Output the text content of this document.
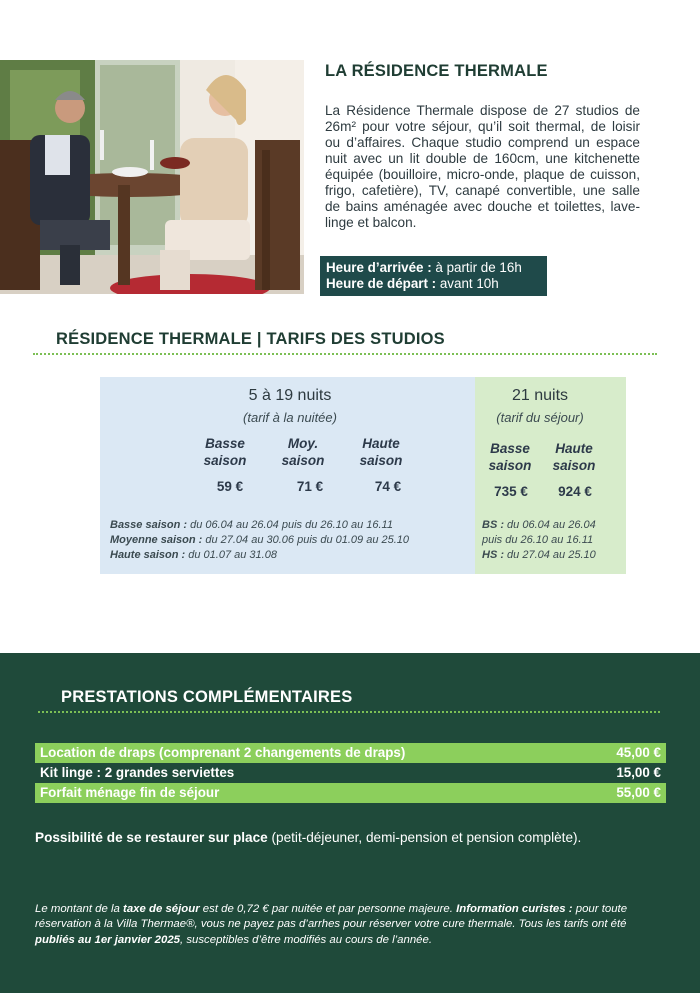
LA RÉSIDENCE THERMALE

La Résidence Thermale dispose de 27 studios de 26m² pour votre séjour, qu’il soit thermal, de loisir ou d’affaires. Chaque studio comprend un espace nuit avec un lit double de 160cm, une kitchenette équipée (bouilloire, micro-onde, plaque de cuisson, frigo, cafetière), TV, canapé convertible, une salle de bains aménagée avec douche et toilettes, lave-linge et balcon.

Heure d’arrivée : à partir de 16h
Heure de départ : avant 10h
RÉSIDENCE THERMALE | TARIFS DES STUDIOS
5 à 19 nuits
(tarif à la nuitée)
Basse
saison
Moy.
saison
Haute
saison
59 €	71 €	74 €
Basse saison : du 06.04 au 26.04 puis du 26.10 au 16.11
Moyenne saison : du 27.04 au 30.06 puis du 01.09 au 25.10
Haute saison : du 01.07 au 31.08
21 nuits
(tarif du séjour)
Basse
saison
Haute
saison
735 €	924 €
BS : du 06.04 au 26.04
puis du 26.10 au 16.11
HS : du 27.04 au 25.10
PRESTATIONS COMPLÉMENTAIRES
Location de draps (comprenant 2 changements de draps)	45,00 €
Kit linge : 2 grandes serviettes	15,00 €
Forfait ménage fin de séjour	55,00 €
Possibilité de se restaurer sur place (petit-déjeuner, demi-pension et pension complète).
Le montant de la taxe de séjour est de 0,72 € par nuitée et par personne majeure. Information curistes : pour toute réservation à la Villa Thermae®, vous ne payez pas d’arrhes pour réserver votre cure thermale. Tous les tarifs ont été publiés au 1er janvier 2025, susceptibles d’être modifiés au cours de l’année.
